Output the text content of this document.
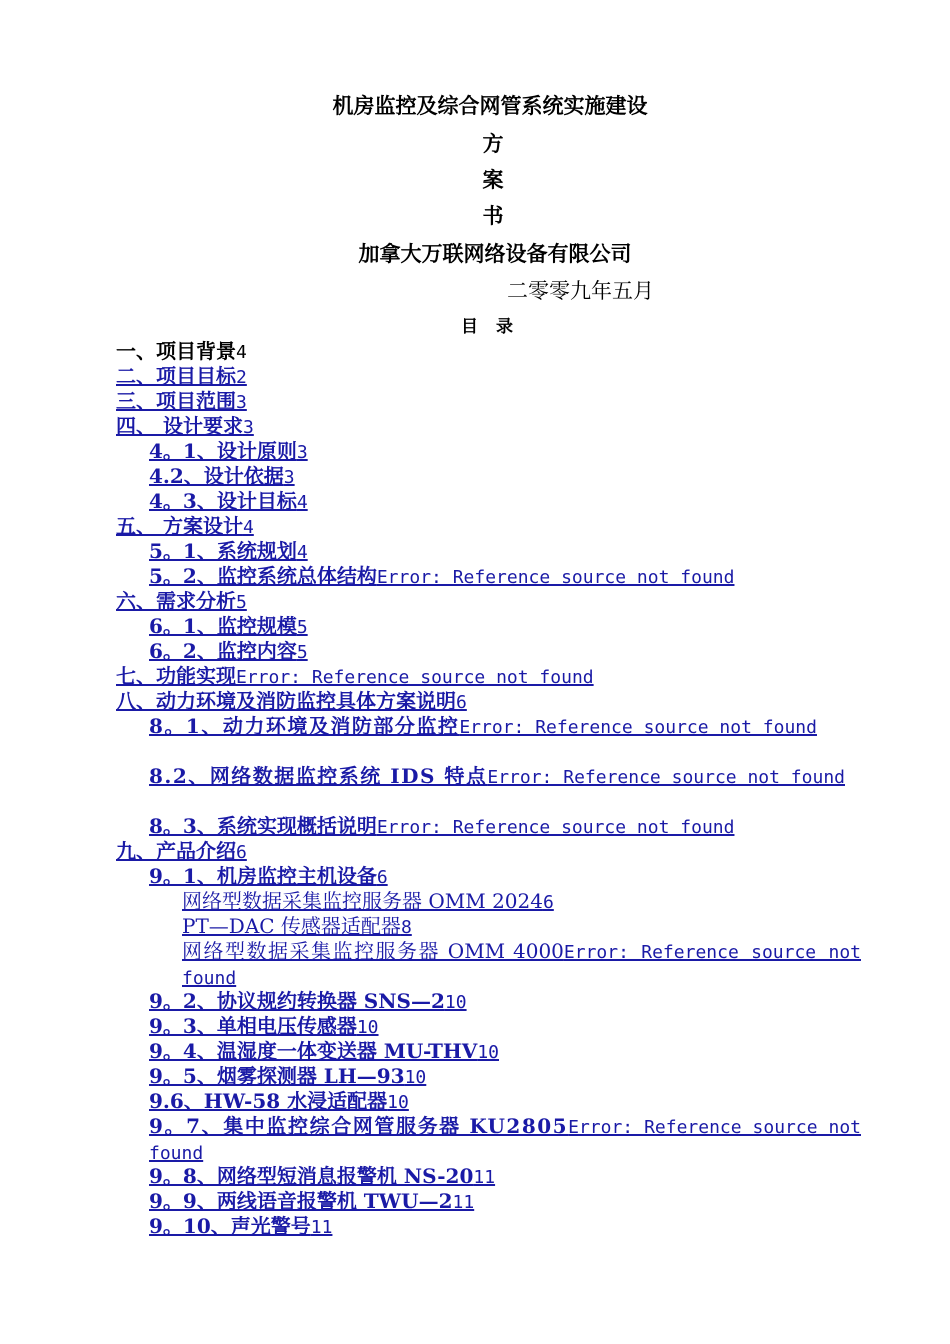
机房监控及综合网管系统实施建设
方
案
书
加拿大万联网络设备有限公司
二零零九年五月
目 录
一、项目背景4
二、项目目标2
三、项目范围3
四、 设计要求3
4。1、设计原则3
4.2、设计依据3
4。3、设计目标4
五、 方案设计4
5。1、系统规划4
5。2、监控系统总体结构Error: Reference source not found
六、需求分析5
6。1、监控规模5
6。2、监控内容5
七、功能实现Error: Reference source not found
八、动力环境及消防监控具体方案说明6
8。1、动力环境及消防部分监控Error: Reference source not found
8.2、网络数据监控系统 IDS 特点Error: Reference source not found
8。3、系统实现概括说明Error: Reference source not found
九、产品介绍6
9。1、机房监控主机设备6
网络型数据采集监控服务器 OMM 20246
PT—DAC 传感器适配器8
网络型数据采集监控服务器 OMM 4000Error: Reference source not found
9。2、协议规约转换器 SNS—210
9。3、单相电压传感器10
9。4、温湿度一体变送器 MU-THV10
9。5、烟雾探测器 LH—9310
9.6、HW-58 水浸适配器10
9。7、集中监控综合网管服务器 KU2805Error: Reference source not found
9。8、网络型短消息报警机 NS-2011
9。9、两线语音报警机 TWU—211
9。10、声光警号11
